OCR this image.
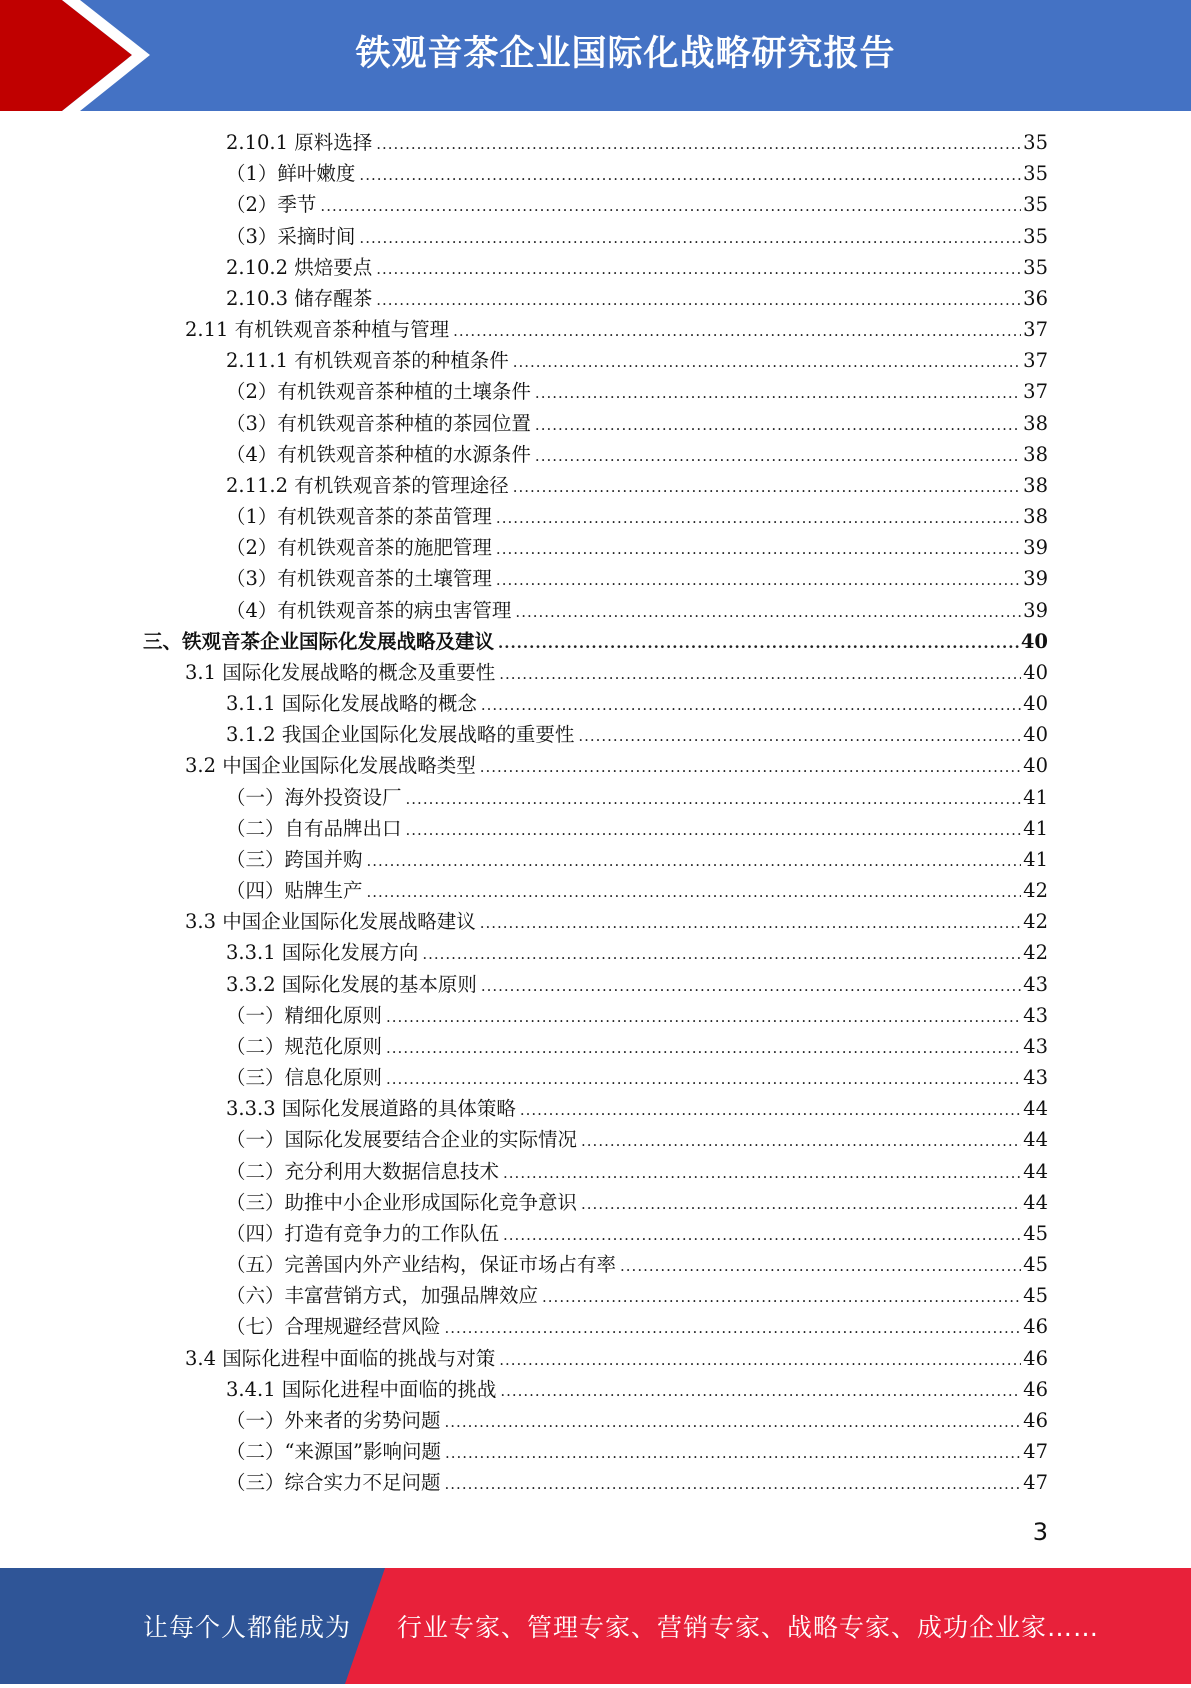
铁观音茶企业国际化战略研究报告
2.10.1 原料选择 .....	35
（1）鲜叶嫩度 .....	35
（2）季节 .....	35
（3）采摘时间 .....	35
2.10.2 烘焙要点 .....	35
2.10.3 储存醒茶 .....	36
2.11 有机铁观音茶种植与管理 .....	37
2.11.1 有机铁观音茶的种植条件 .....	37
（2）有机铁观音茶种植的土壤条件 .....	37
（3）有机铁观音茶种植的茶园位置 .....	38
（4）有机铁观音茶种植的水源条件 .....	38
2.11.2 有机铁观音茶的管理途径 .....	38
（1）有机铁观音茶的茶苗管理 .....	38
（2）有机铁观音茶的施肥管理 .....	39
（3）有机铁观音茶的土壤管理 .....	39
（4）有机铁观音茶的病虫害管理 .....	39
三、铁观音茶企业国际化发展战略及建议 .....	40
3.1 国际化发展战略的概念及重要性 .....	40
3.1.1 国际化发展战略的概念 .....	40
3.1.2 我国企业国际化发展战略的重要性 .....	40
3.2 中国企业国际化发展战略类型 .....	40
（一）海外投资设厂 .....	41
（二）自有品牌出口 .....	41
（三）跨国并购 .....	41
（四）贴牌生产 .....	42
3.3 中国企业国际化发展战略建议 .....	42
3.3.1 国际化发展方向 .....	42
3.3.2 国际化发展的基本原则 .....	43
（一）精细化原则 .....	43
（二）规范化原则 .....	43
（三）信息化原则 .....	43
3.3.3 国际化发展道路的具体策略 .....	44
（一）国际化发展要结合企业的实际情况 .....	44
（二）充分利用大数据信息技术 .....	44
（三）助推中小企业形成国际化竞争意识 .....	44
（四）打造有竞争力的工作队伍 .....	45
（五）完善国内外产业结构，保证市场占有率 .....	45
（六）丰富营销方式，加强品牌效应 .....	45
（七）合理规避经营风险 .....	46
3.4 国际化进程中面临的挑战与对策 .....	46
3.4.1 国际化进程中面临的挑战 .....	46
（一）外来者的劣势问题 .....	46
（二）“来源国”影响问题 .....	47
（三）综合实力不足问题 .....	47
3
让每个人都能成为 行业专家、管理专家、营销专家、战略专家、成功企业家……
